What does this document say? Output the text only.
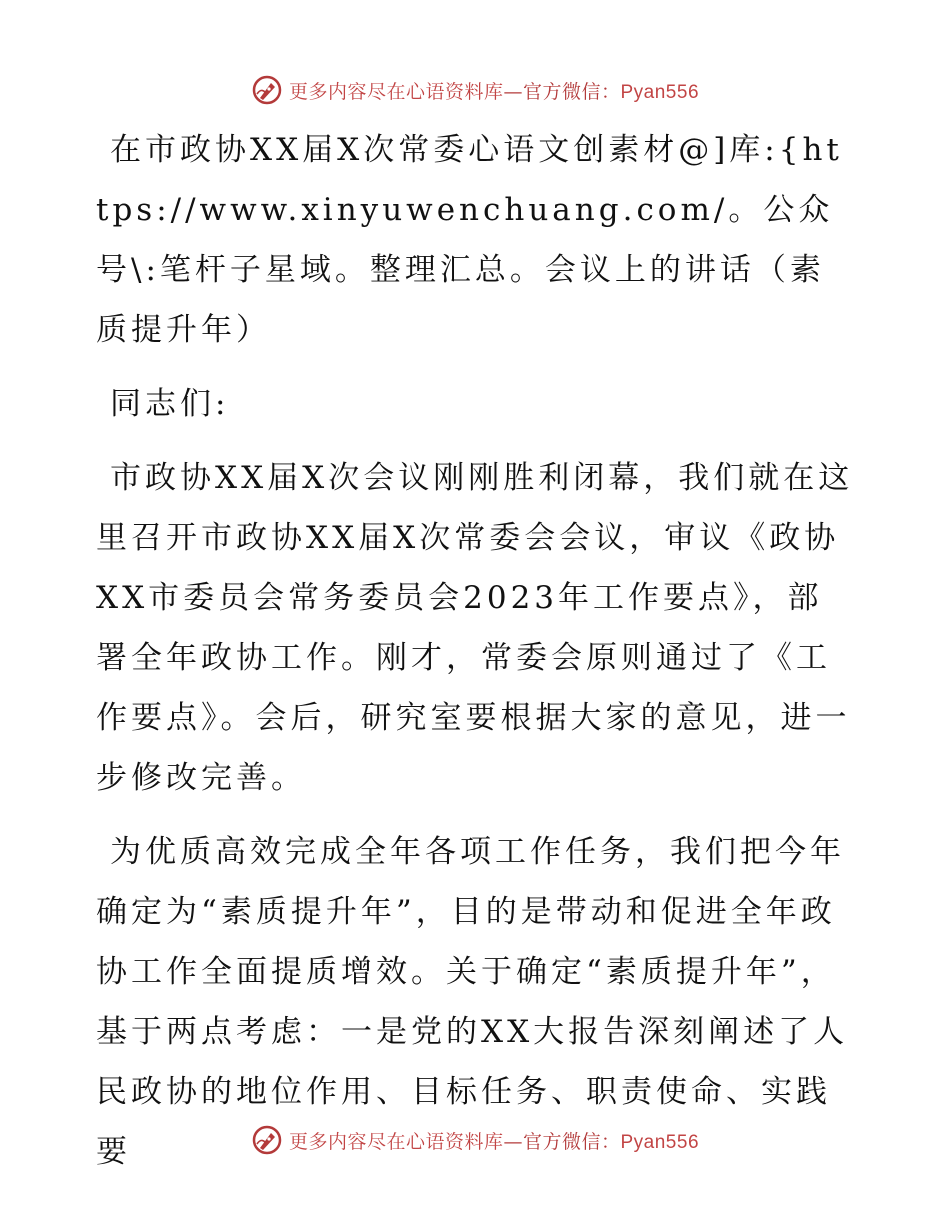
更多内容尽在心语资料库—官方微信：Pyan556

在市政协XX届X次常委心语文创素材@]库:{https://www.xinyuwenchuang.com/。公众号\:笔杆子星域。整理汇总。会议上的讲话（素质提升年）

同志们:

市政协XX届X次会议刚刚胜利闭幕，我们就在这里召开市政协XX届X次常委会会议，审议《政协XX市委员会常务委员会2023年工作要点》，部署全年政协工作。刚才，常委会原则通过了《工作要点》。会后，研究室要根据大家的意见，进一步修改完善。

为优质高效完成全年各项工作任务，我们把今年确定为“素质提升年”，目的是带动和促进全年政协工作全面提质增效。关于确定“素质提升年”，基于两点考虑：一是党的XX大报告深刻阐述了人民政协的地位作用、目标任务、职责使命、实践要	更多内容尽在心语资料库—官方微信：Pyan556
